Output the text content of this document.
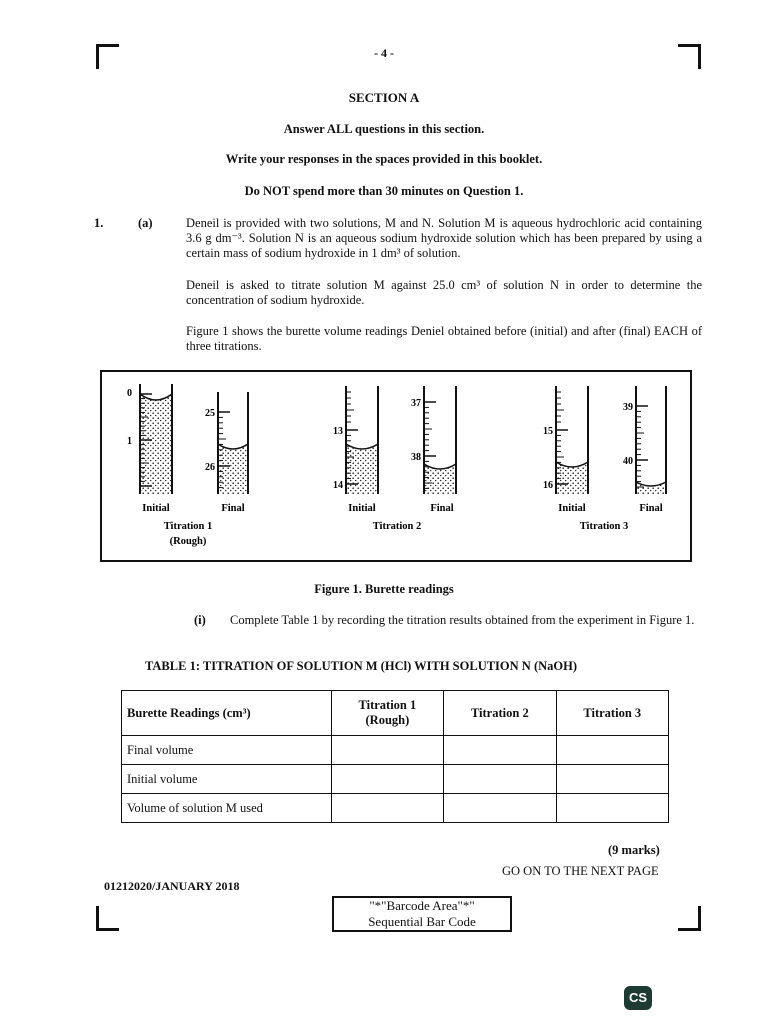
- 4 -
SECTION A
Answer ALL questions in this section.
Write your responses in the spaces provided in this booklet.
Do NOT spend more than 30 minutes on Question 1.
1.	(a)	Deneil is provided with two solutions, M and N. Solution M is aqueous hydrochloric acid containing 3.6 g dm⁻³. Solution N is an aqueous sodium hydroxide solution which has been prepared by using a certain mass of sodium hydroxide in 1 dm³ of solution.
Deneil is asked to titrate solution M against 25.0 cm³ of solution N in order to determine the concentration of sodium hydroxide.
Figure 1 shows the burette volume readings Deniel obtained before (initial) and after (final) EACH of three titrations.
0
1
25
26
Initial	Final
Titration 1
(Rough)
13
14
37
38
Initial	Final
Titration 2
15
16
39
40
Initial	Final
Titration 3
Figure 1. Burette readings
(i) Complete Table 1 by recording the titration results obtained from the experiment in Figure 1.
TABLE 1: TITRATION OF SOLUTION M (HCl) WITH SOLUTION N (NaOH)
Burette Readings (cm³)	Titration 1
(Rough)	Titration 2	Titration 3
Final volume			
Initial volume			
Volume of solution M used			
(9 marks)
GO ON TO THE NEXT PAGE
01212020/JANUARY 2018
"*"Barcode Area"*"
Sequential Bar Code
CS
